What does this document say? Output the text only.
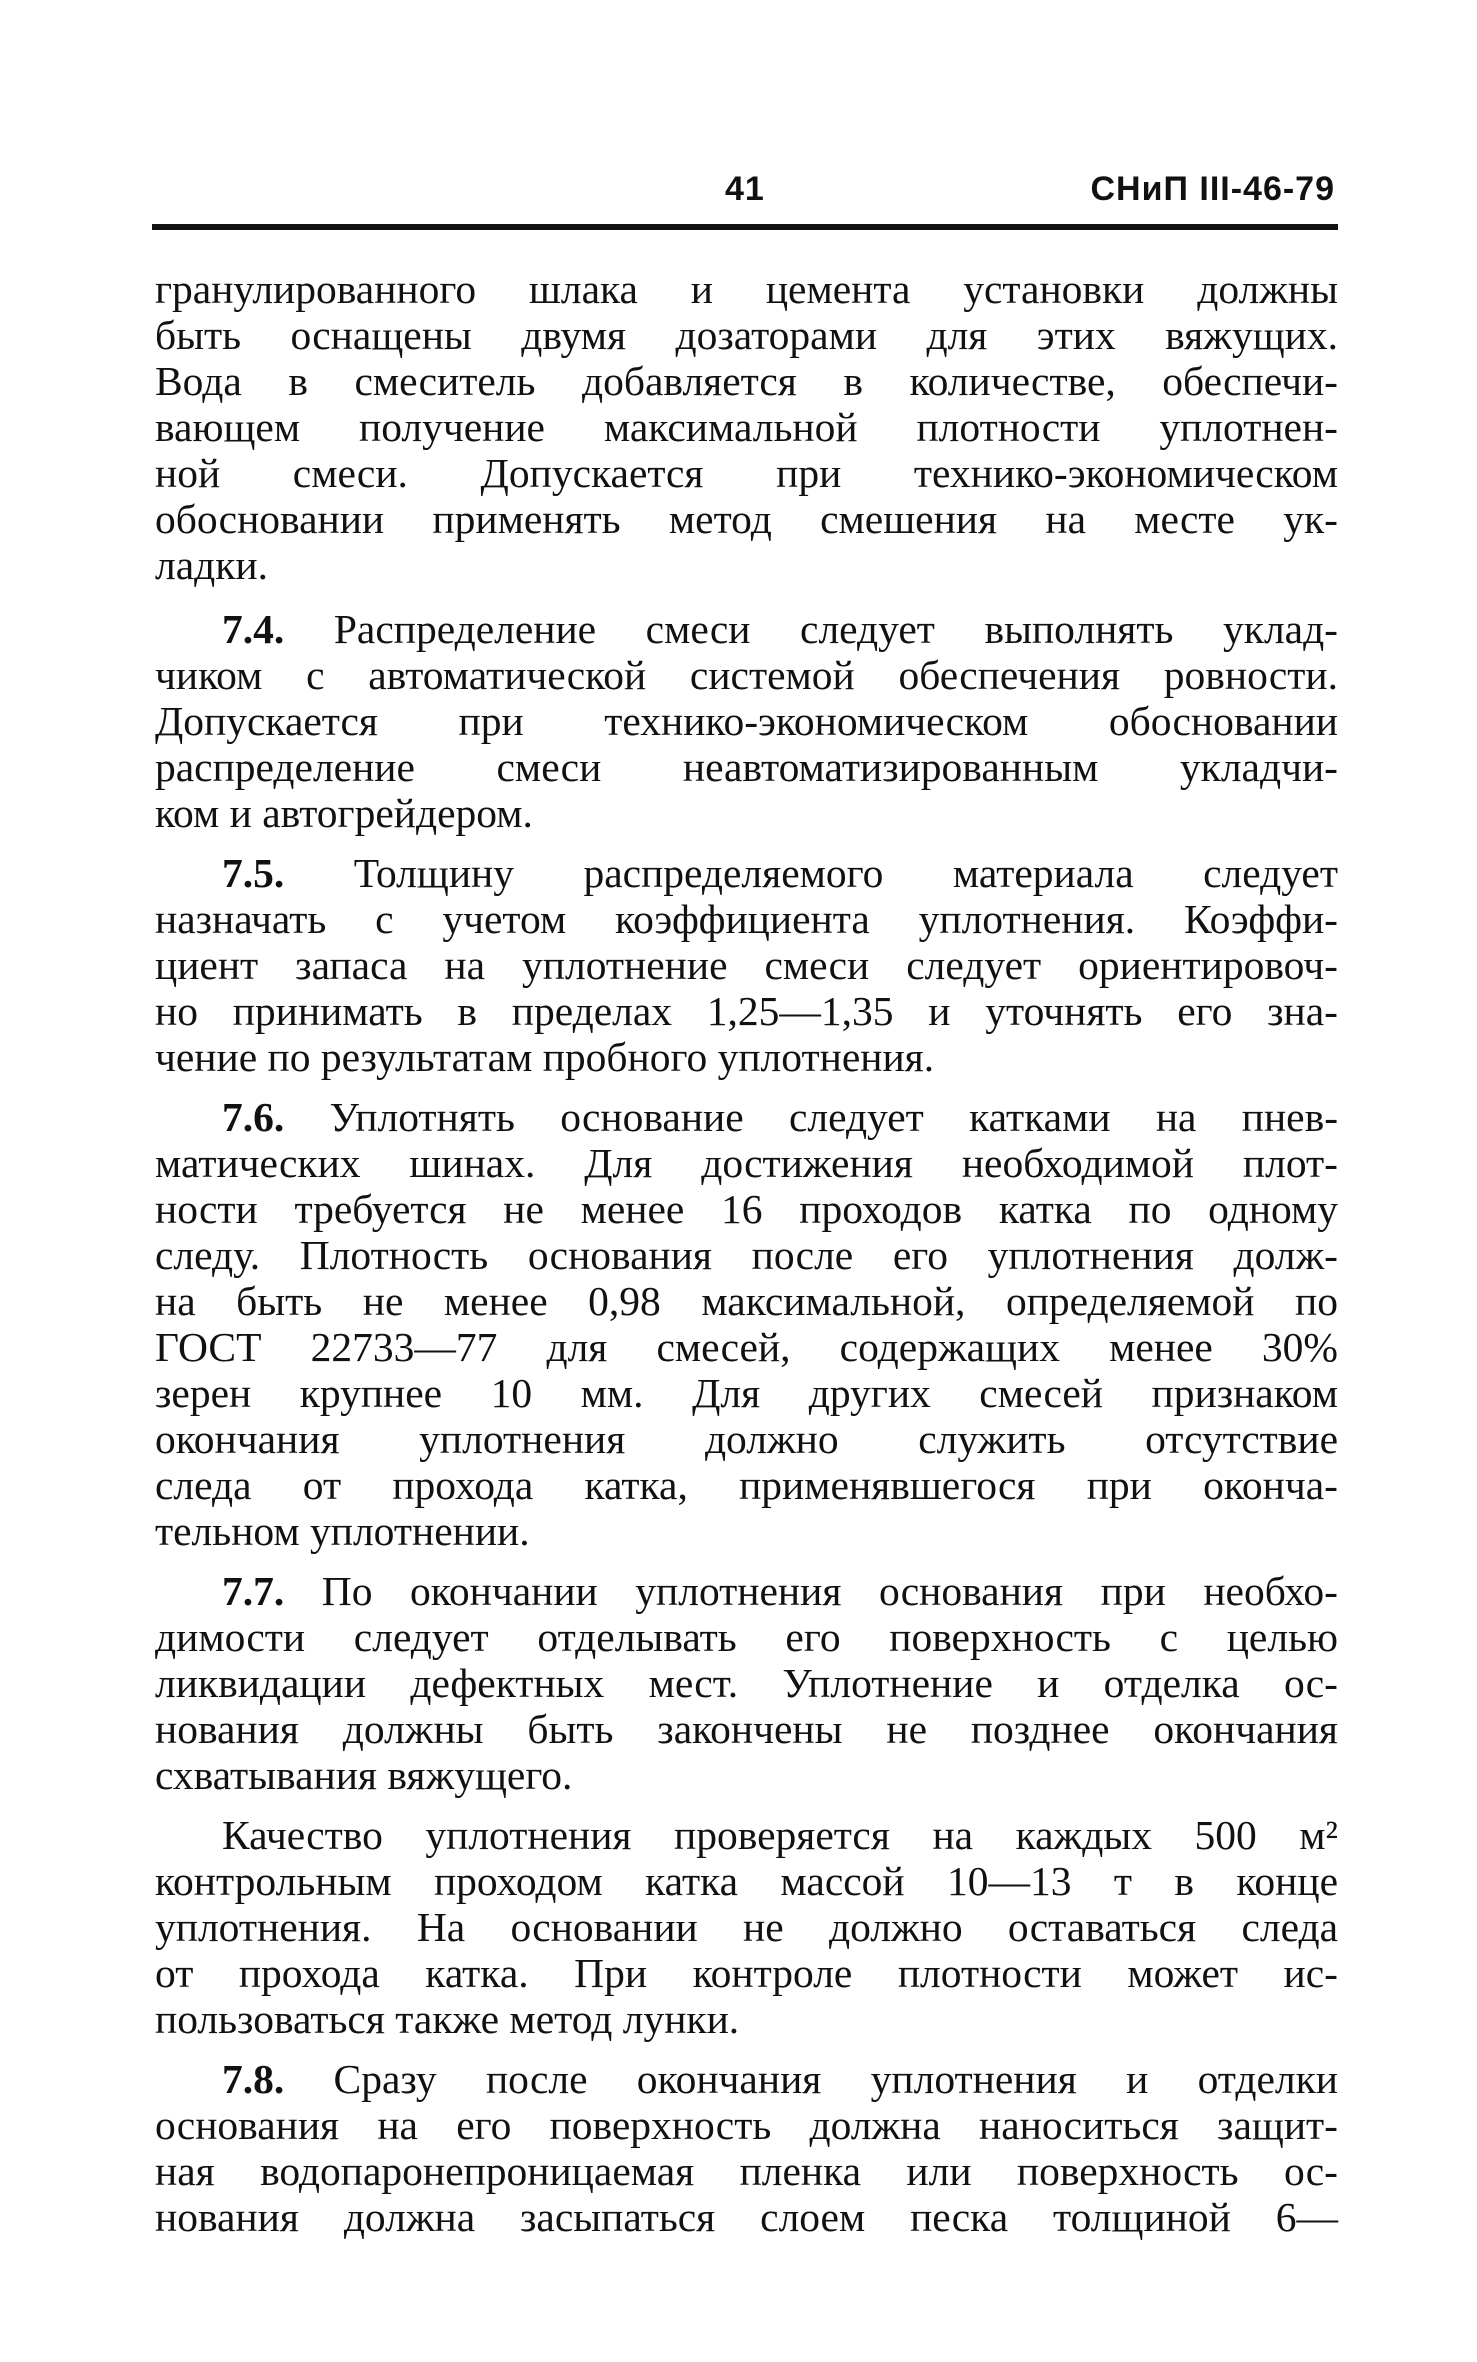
41	СНиП III-46-79
гранулированного шлака и цемента установки должны
быть оснащены двумя дозаторами для этих вяжущих.
Вода в смеситель добавляется в количестве, обеспечи-
вающем получение максимальной плотности уплотнен-
ной смеси. Допускается при технико-экономическом
обосновании применять метод смешения на месте ук-
ладки.
7.4. Распределение смеси следует выполнять уклад-
чиком с автоматической системой обеспечения ровности.
Допускается при технико-экономическом обосновании
распределение смеси неавтоматизированным укладчи-
ком и автогрейдером.
7.5. Толщину распределяемого материала следует
назначать с учетом коэффициента уплотнения. Коэффи-
циент запаса на уплотнение смеси следует ориентировоч-
но принимать в пределах 1,25—1,35 и уточнять его зна-
чение по результатам пробного уплотнения.
7.6. Уплотнять основание следует катками на пнев-
матических шинах. Для достижения необходимой плот-
ности требуется не менее 16 проходов катка по одному
следу. Плотность основания после его уплотнения долж-
на быть не менее 0,98 максимальной, определяемой по
ГОСТ 22733—77 для смесей, содержащих менее 30%
зерен крупнее 10 мм. Для других смесей признаком
окончания уплотнения должно служить отсутствие
следа от прохода катка, применявшегося при оконча-
тельном уплотнении.
7.7. По окончании уплотнения основания при необхо-
димости следует отделывать его поверхность с целью
ликвидации дефектных мест. Уплотнение и отделка ос-
нования должны быть закончены не позднее окончания
схватывания вяжущего.
Качество уплотнения проверяется на каждых 500 м²
контрольным проходом катка массой 10—13 т в конце
уплотнения. На основании не должно оставаться следа
от прохода катка. При контроле плотности может ис-
пользоваться также метод лунки.
7.8. Сразу после окончания уплотнения и отделки
основания на его поверхность должна наноситься защит-
ная водопаронепроницаемая пленка или поверхность ос-
нования должна засыпаться слоем песка толщиной 6—
